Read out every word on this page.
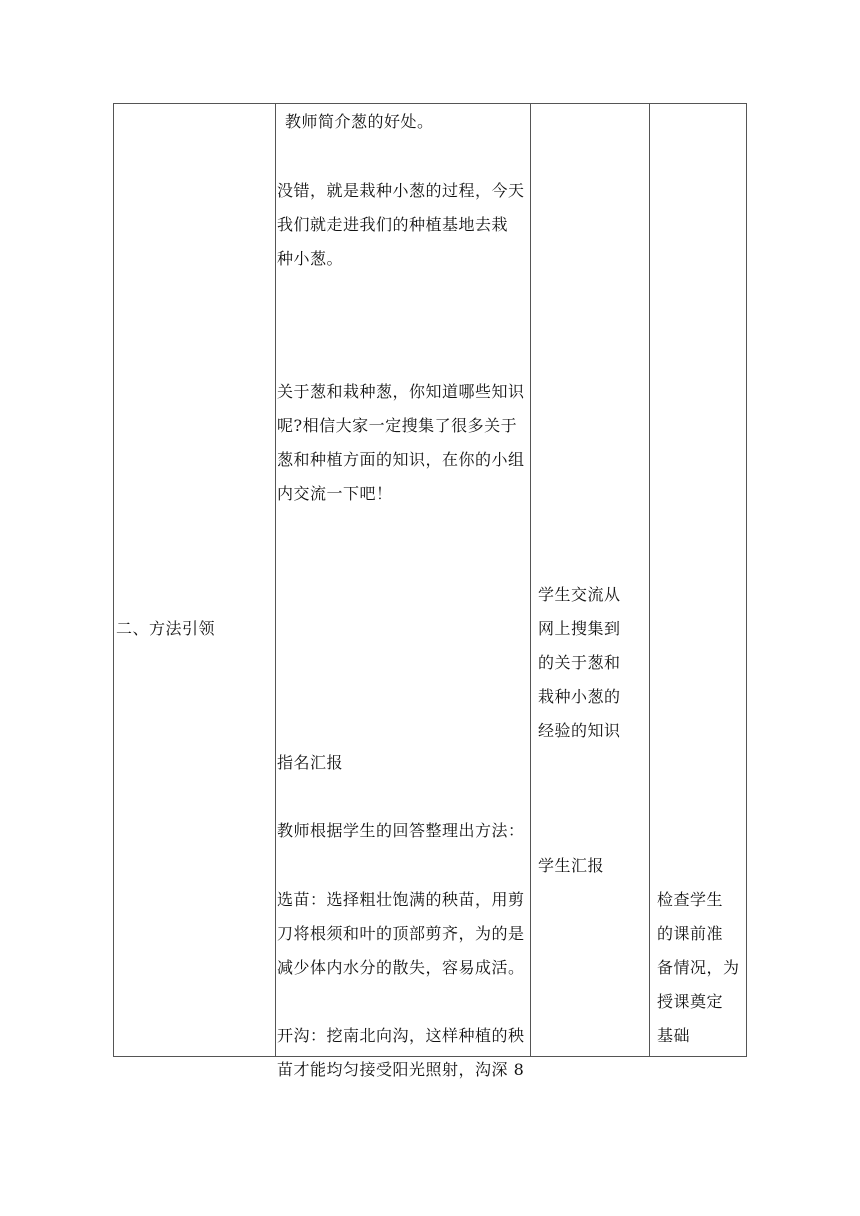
二、方法引领
教师简介葱的好处。
没错，就是栽种小葱的过程，今天
我们就走进我们的种植基地去栽
种小葱。
关于葱和栽种葱，你知道哪些知识
呢?相信大家一定搜集了很多关于
葱和种植方面的知识，在你的小组
内交流一下吧！
指名汇报
教师根据学生的回答整理出方法：
选苗：选择粗壮饱满的秧苗，用剪
刀将根须和叶的顶部剪齐，为的是
减少体内水分的散失，容易成活。
开沟：挖南北向沟，这样种植的秧
苗才能均匀接受阳光照射，沟深 8
学生交流从
网上搜集到
的关于葱和
栽种小葱的
经验的知识
学生汇报
检查学生
的课前准
备情况，为
授课奠定
基础
